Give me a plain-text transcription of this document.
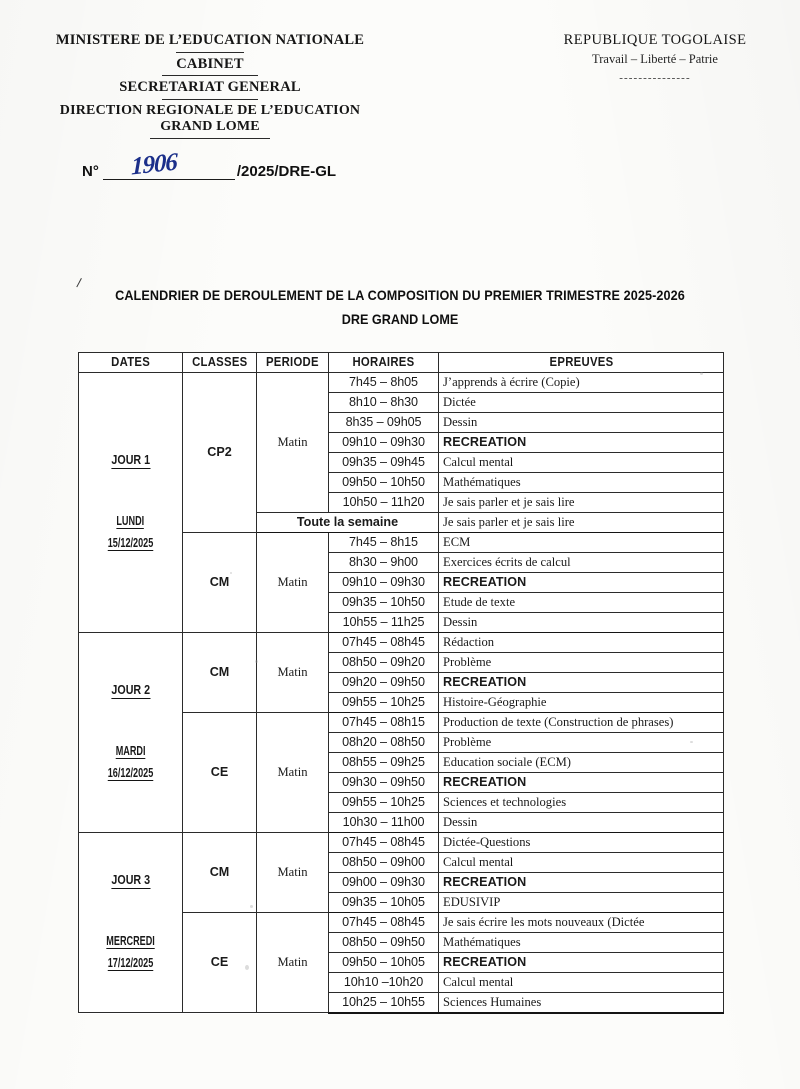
MINISTERE DE L’EDUCATION NATIONALE
CABINET
SECRETARIAT GENERAL
DIRECTION REGIONALE DE L’EDUCATION
GRAND LOME
REPUBLIQUE TOGOLAISE
Travail – Liberté – Patrie
---------------
N° 1906	/2025/DRE-GL
CALENDRIER DE DEROULEMENT DE LA COMPOSITION DU PREMIER TRIMESTRE 2025-2026
DRE GRAND LOME
DATES	CLASSES	PERIODE	HORAIRES	EPREUVES
JOUR 1
LUNDI
15/12/2025	CP2	Matin	7h45 – 8h05	J’apprends à écrire (Copie)
			8h10 – 8h30	Dictée
			8h35 – 09h05	Dessin
			09h10 – 09h30	RECREATION
			09h35 – 09h45	Calcul mental
			09h50 – 10h50	Mathématiques
			10h50 – 11h20	Je sais parler et je sais lire
		Toute la semaine		Je sais parler et je sais lire
	CM	Matin	7h45 – 8h15	ECM
			8h30 – 9h00	Exercices écrits de calcul
			09h10 – 09h30	RECREATION
			09h35 – 10h50	Etude de texte
			10h55 – 11h25	Dessin
JOUR 2
MARDI
16/12/2025	CM	Matin	07h45 – 08h45	Rédaction
			08h50 – 09h20	Problème
			09h20 – 09h50	RECREATION
			09h55 – 10h25	Histoire-Géographie
	CE	Matin	07h45 – 08h15	Production de texte (Construction de phrases)
			08h20 – 08h50	Problème
			08h55 – 09h25	Education sociale (ECM)
			09h30 – 09h50	RECREATION
			09h55 – 10h25	Sciences et technologies
			10h30 – 11h00	Dessin
JOUR 3
MERCREDI
17/12/2025	CM	Matin	07h45 – 08h45	Dictée-Questions
			08h50 – 09h00	Calcul mental
			09h00 – 09h30	RECREATION
			09h35 – 10h05	EDUSIVIP
	CE	Matin	07h45 – 08h45	Je sais écrire les mots nouveaux (Dictée
			08h50 – 09h50	Mathématiques
			09h50 – 10h05	RECREATION
			10h10 –10h20	Calcul mental
			10h25 – 10h55	Sciences Humaines
